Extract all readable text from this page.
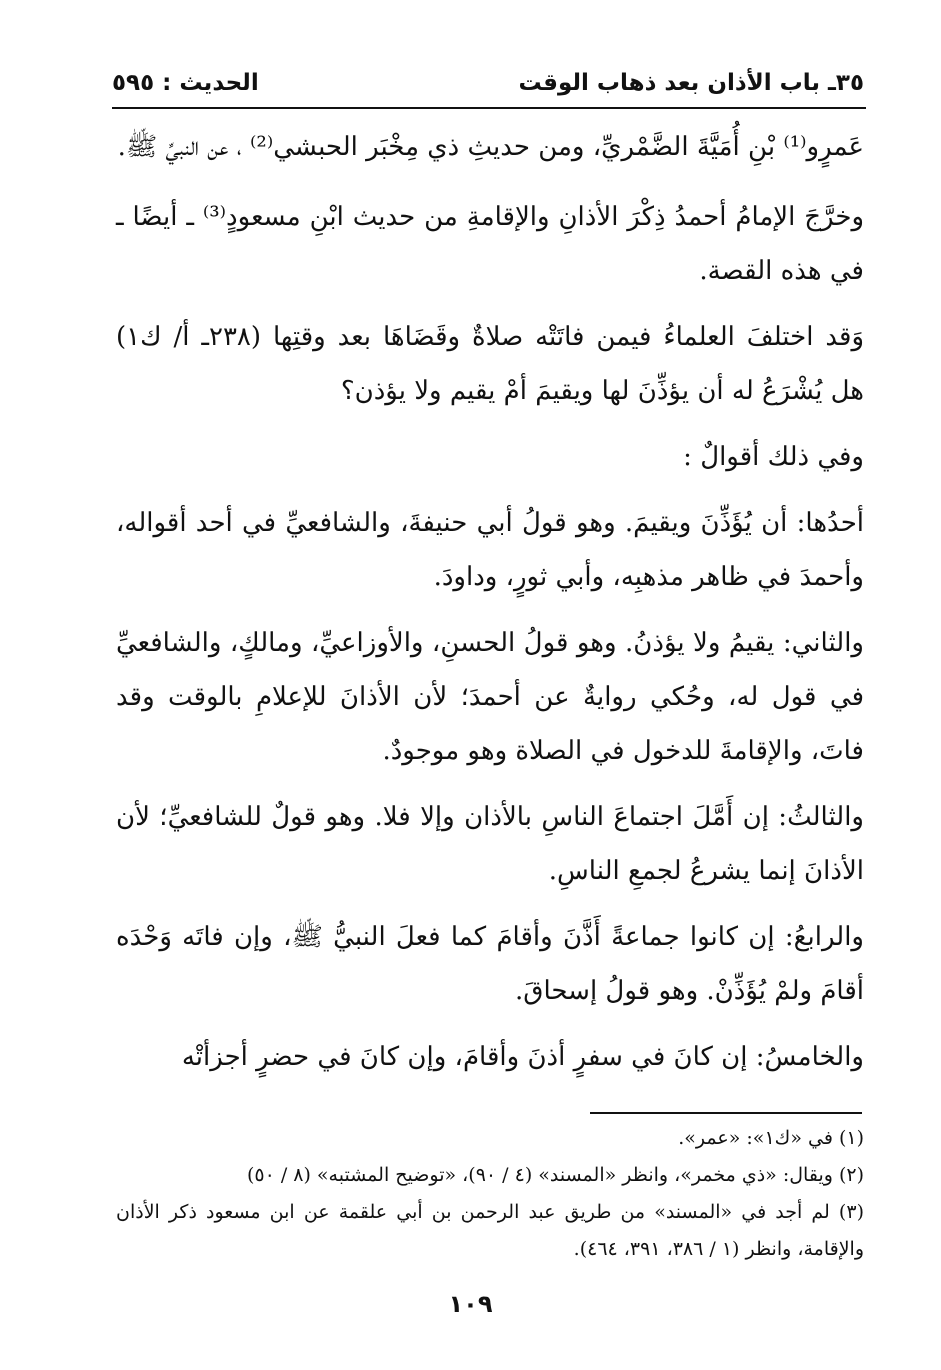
٣٥ـ باب الأذان بعد ذهاب الوقت
الحديث : ٥٩٥

عَمرٍو⁽¹⁾ بْنِ أُمَيَّةَ الضَّمْريِّ، ومن حديثِ ذي مِخْبَر الحبشي⁽²⁾ ، عن النبيِّ ﷺ.

وخرَّجَ الإمامُ أحمدُ ذِكْرَ الأذانِ والإقامةِ من حديث ابْنِ مسعودٍ⁽³⁾ ـ أيضًا ـ في هذه القصة.

وَقد اختلفَ العلماءُ فيمن فاتَتْه صلاةٌ وقَضَاهَا بعد وقتِها (٢٣٨ـ أ/ ك١) هل يُشْرَعُ له أن يؤذِّنَ لها ويقيمَ أمْ يقيم ولا يؤذن؟

وفي ذلك أقوالٌ :

أحدُها: أن يُؤَذِّنَ ويقيمَ. وهو قولُ أبي حنيفةَ، والشافعيِّ في أحد أقواله، وأحمدَ في ظاهر مذهبِه، وأبي ثورٍ، وداودَ.

والثاني: يقيمُ ولا يؤذنُ. وهو قولُ الحسنِ، والأوزاعيِّ، ومالكٍ، والشافعيِّ في قول له، وحُكي روايةٌ عن أحمدَ؛ لأن الأذانَ للإعلامِ بالوقت وقد فاتَ، والإقامةَ للدخول في الصلاة وهو موجودٌ.

والثالثُ: إن أَمَّلَ اجتماعَ الناسِ بالأذان وإلا فلا. وهو قولٌ للشافعيِّ؛ لأن الأذانَ إنما يشرعُ لجمعِ الناسِ.

والرابعُ: إن كانوا جماعةً أَذَّنَ وأقامَ كما فعلَ النبيُّ ﷺ، وإن فاتَه وَحْدَه أقامَ ولمْ يُؤَذِّنْ. وهو قولُ إسحاقَ.

والخامسُ: إن كانَ في سفرٍ أذنَ وأقامَ، وإن كانَ في حضرٍ أجزأتْه

(١) في «ك١»: «عمر».

(٢) ويقال: «ذي مخمر»، وانظر «المسند» (٤ / ٩٠)، «توضيح المشتبه» (٨ / ٥٠)

(٣) لم أجد في «المسند» من طريق عبد الرحمن بن أبي علقمة عن ابن مسعود ذكر الأذان والإقامة، وانظر (١ / ٣٨٦، ٣٩١، ٤٦٤).

١٠٩
